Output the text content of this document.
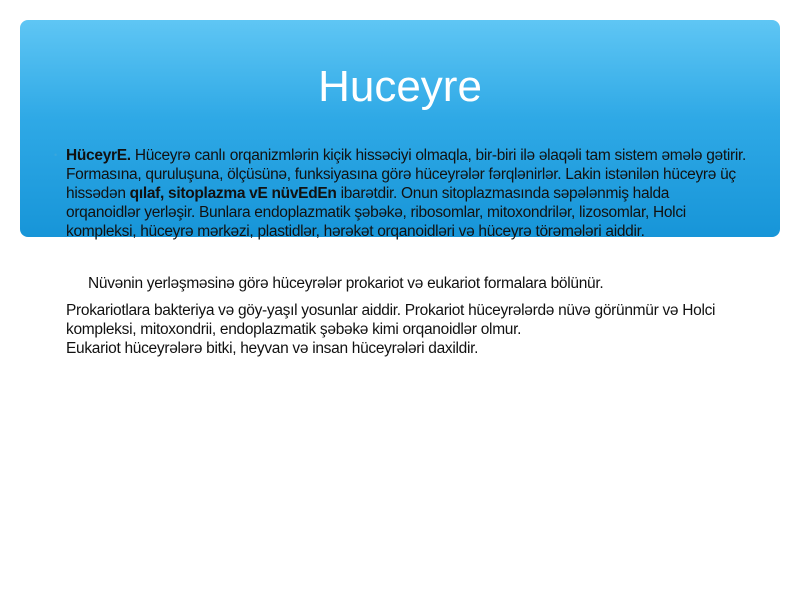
Huceyre
• HüceyrЕ. Hüceyrǝ canlı orqanizmlǝrin kiçik hissǝciyi olmaqla, bir-biri ilǝ ǝlaqǝli tam sistem ǝmǝlǝ gǝtirir. Formasına, quruluşuna, ölçüsünǝ, funksiyasına görǝ hüceyrǝlǝr fǝrqlǝnirlǝr. Lakin istǝnilǝn hüceyrǝ üç hissǝdǝn qılaf, sitoplazma vЕ nüvЕdЕn ibarǝtdir. Onun sitoplazmasında sǝpǝlǝnmiş halda orqanoidlǝr yerlǝşir. Bunlara endoplazmatik şǝbǝkǝ, ribosomlar, mitoxondrilǝr, lizosomlar, Holci kompleksi, hüceyrǝ mǝrkǝzi, plastidlǝr, hǝrǝkǝt orqanoidlǝri vǝ hüceyrǝ törǝmǝlǝri aiddir.

Nüvǝnin yerlǝşmǝsinǝ görǝ hüceyrǝlǝr prokariot vǝ eukariot formalara bölünür.

Prokariotlara bakteriya vǝ göy-yaşıl yosunlar aiddir. Prokariot hüceyrǝlǝrdǝ nüvǝ görünmür vǝ Holci kompleksi, mitoxondrii, endoplazmatik şǝbǝkǝ kimi orqanoidlǝr olmur.

Eukariot hüceyrǝlǝrǝ bitki, heyvan vǝ insan hüceyrǝlǝri daxildir.
